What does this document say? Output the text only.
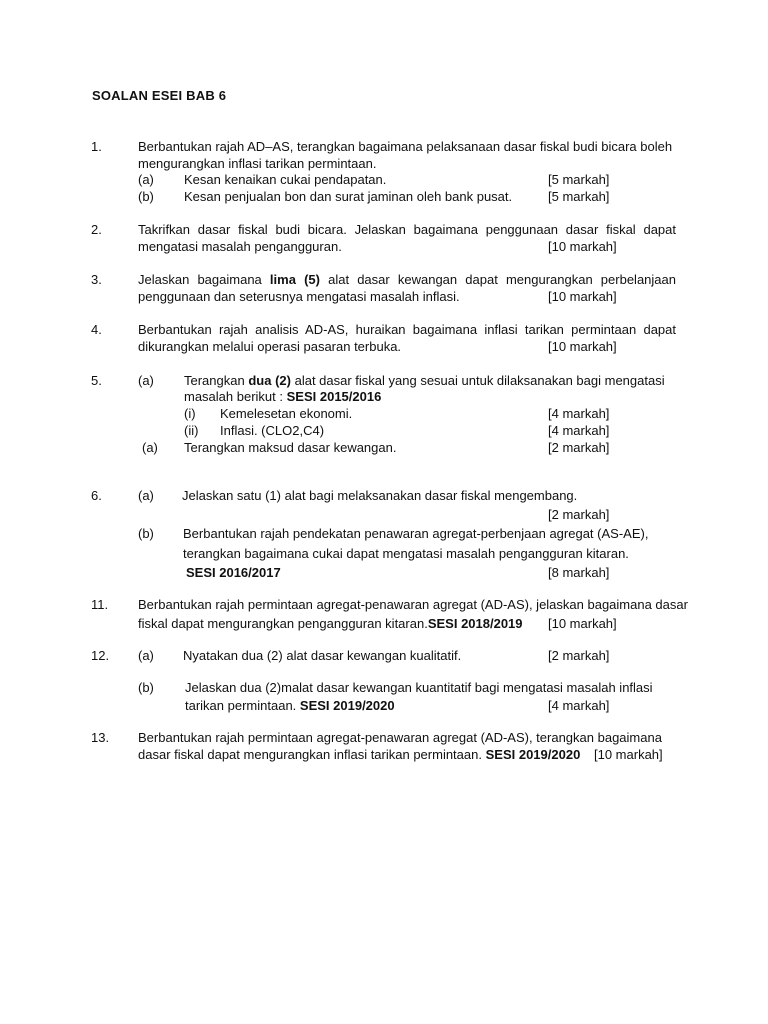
SOALAN ESEI BAB 6
1.	Berbantukan rajah AD–AS, terangkan bagaimana pelaksanaan dasar fiskal budi bicara boleh
mengurangkan inflasi tarikan permintaan.
(a) Kesan kenaikan cukai pendapatan.	[5 markah]
(b) Kesan penjualan bon dan surat jaminan oleh bank pusat.	[5 markah]
2.	Takrifkan dasar fiskal budi bicara. Jelaskan bagaimana penggunaan dasar fiskal dapat
mengatasi masalah pengangguran.	[10 markah]
3.	Jelaskan bagaimana lima (5) alat dasar kewangan dapat mengurangkan perbelanjaan
penggunaan dan seterusnya mengatasi masalah inflasi.	[10 markah]
4.	Berbantukan rajah analisis AD-AS, huraikan bagaimana inflasi tarikan permintaan dapat
dikurangkan melalui operasi pasaran terbuka.	[10 markah]
5.	(a) Terangkan dua (2) alat dasar fiskal yang sesuai untuk dilaksanakan bagi mengatasi
masalah berikut : SESI 2015/2016
(i) Kemelesetan ekonomi.	[4 markah]
(ii) Inflasi. (CLO2,C4)	[4 markah]
(a) Terangkan maksud dasar kewangan.	[2 markah]
6.	(a) Jelaskan satu (1) alat bagi melaksanakan dasar fiskal mengembang.
[2 markah]
(b) Berbantukan rajah pendekatan penawaran agregat-perbenjaan agregat (AS-AE),
terangkan bagaimana cukai dapat mengatasi masalah pengangguran kitaran.
SESI 2016/2017	[8 markah]
11. Berbantukan rajah permintaan agregat-penawaran agregat (AD-AS), jelaskan bagaimana dasar
fiskal dapat mengurangkan pengangguran kitaran.SESI 2018/2019 [10 markah]
12. (a) Nyatakan dua (2) alat dasar kewangan kualitatif.	[2 markah]
(b) Jelaskan dua (2)malat dasar kewangan kuantitatif bagi mengatasi masalah inflasi
tarikan permintaan. SESI 2019/2020	[4 markah]
13. Berbantukan rajah permintaan agregat-penawaran agregat (AD-AS), terangkan bagaimana
dasar fiskal dapat mengurangkan inflasi tarikan permintaan. SESI 2019/2020 [10 markah]
